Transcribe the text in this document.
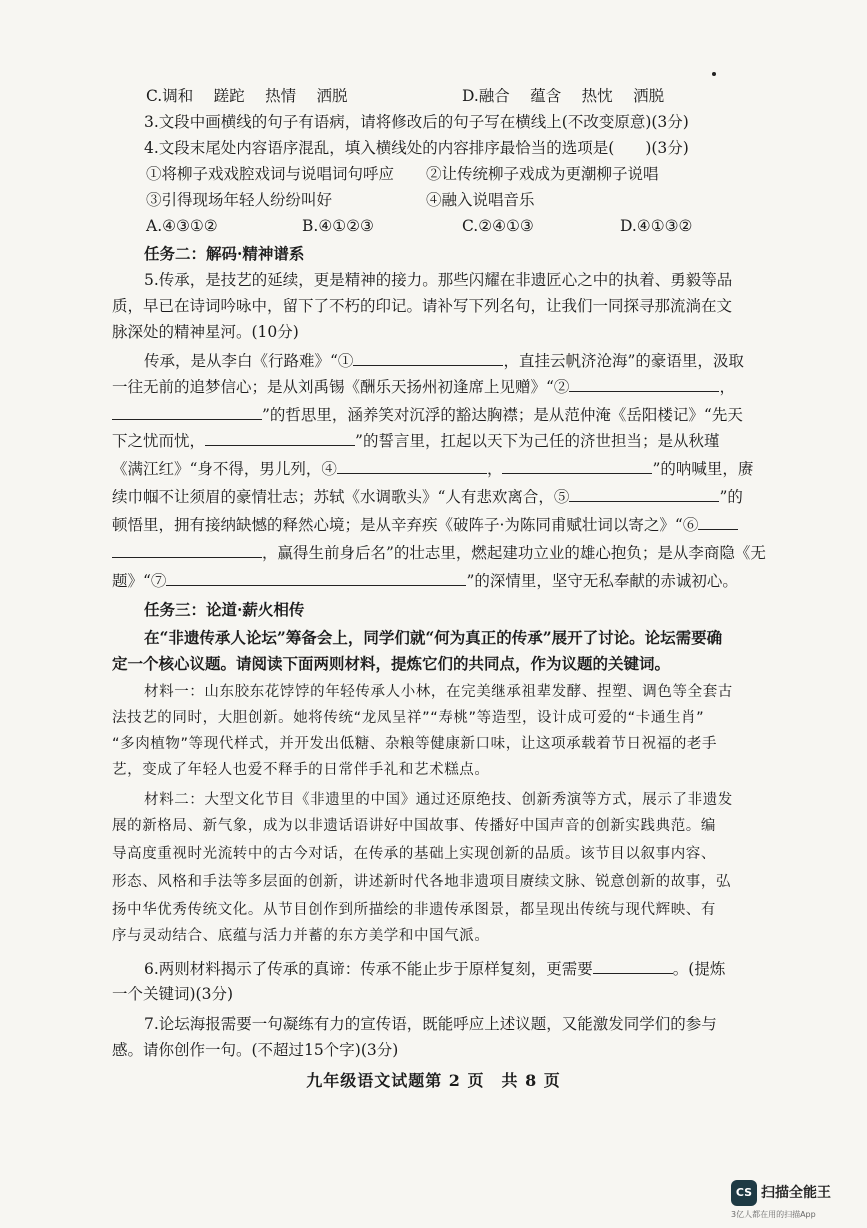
C.调和　 蹉跎　 热情　 洒脱	D.融合　 蕴含　 热忱　 洒脱
3.文段中画横线的句子有语病，请将修改后的句子写在横线上(不改变原意)(3分)
4.文段末尾处内容语序混乱，填入横线处的内容排序最恰当的选项是(　　)(3分)
①将柳子戏戏腔戏词与说唱词句呼应 ②让传统柳子戏成为更潮柳子说唱
③引得现场年轻人纷纷叫好	④融入说唱音乐
A.④③①②	B.④①②③	C.②④①③	D.④①③②
任务二：解码·精神谱系
5.传承，是技艺的延续，更是精神的接力。那些闪耀在非遗匠心之中的执着、勇毅等品
质，早已在诗词吟咏中，留下了不朽的印记。请补写下列名句，让我们一同探寻那流淌在文
脉深处的精神星河。(10分)
传承，是从李白《行路难》“①	，直挂云帆济沧海”的豪语里，汲取
一往无前的追梦信心；是从刘禹锡《酬乐天扬州初逢席上见赠》“②	，
”的哲思里，涵养笑对沉浮的豁达胸襟；是从范仲淹《岳阳楼记》“先天
下之忧而忧，	”的誓言里，扛起以天下为己任的济世担当；是从秋瑾
《满江红》“身不得，男儿列，④	，	”的呐喊里，赓
续巾帼不让须眉的豪情壮志；苏轼《水调歌头》“人有悲欢离合，⑤	”的
顿悟里，拥有接纳缺憾的释然心境；是从辛弃疾《破阵子·为陈同甫赋壮词以寄之》“⑥
，赢得生前身后名”的壮志里，燃起建功立业的雄心抱负；是从李商隐《无
题》“⑦	”的深情里，坚守无私奉献的赤诚初心。
任务三：论道·薪火相传
在“非遗传承人论坛”筹备会上，同学们就“何为真正的传承”展开了讨论。论坛需要确
定一个核心议题。请阅读下面两则材料，提炼它们的共同点，作为议题的关键词。
材料一：山东胶东花饽饽的年轻传承人小林，在完美继承祖辈发酵、捏塑、调色等全套古
法技艺的同时，大胆创新。她将传统“龙凤呈祥”“寿桃”等造型，设计成可爱的“卡通生肖”
“多肉植物”等现代样式，并开发出低糖、杂粮等健康新口味，让这项承载着节日祝福的老手
艺，变成了年轻人也爱不释手的日常伴手礼和艺术糕点。
材料二：大型文化节目《非遗里的中国》通过还原绝技、创新秀演等方式，展示了非遗发
展的新格局、新气象，成为以非遗话语讲好中国故事、传播好中国声音的创新实践典范。编
导高度重视时光流转中的古今对话，在传承的基础上实现创新的品质。该节目以叙事内容、
形态、风格和手法等多层面的创新，讲述新时代各地非遗项目赓续文脉、锐意创新的故事，弘
扬中华优秀传统文化。从节目创作到所描绘的非遗传承图景，都呈现出传统与现代辉映、有
序与灵动结合、底蕴与活力并蓄的东方美学和中国气派。
6.两则材料揭示了传承的真谛：传承不能止步于原样复刻，更需要	。(提炼
一个关键词)(3分)
7.论坛海报需要一句凝练有力的宣传语，既能呼应上述议题，又能激发同学们的参与
感。请你创作一句。(不超过15个字)(3分)
九年级语文试题第 2 页　共 8 页
CS 扫描全能王
3亿人都在用的扫描App
